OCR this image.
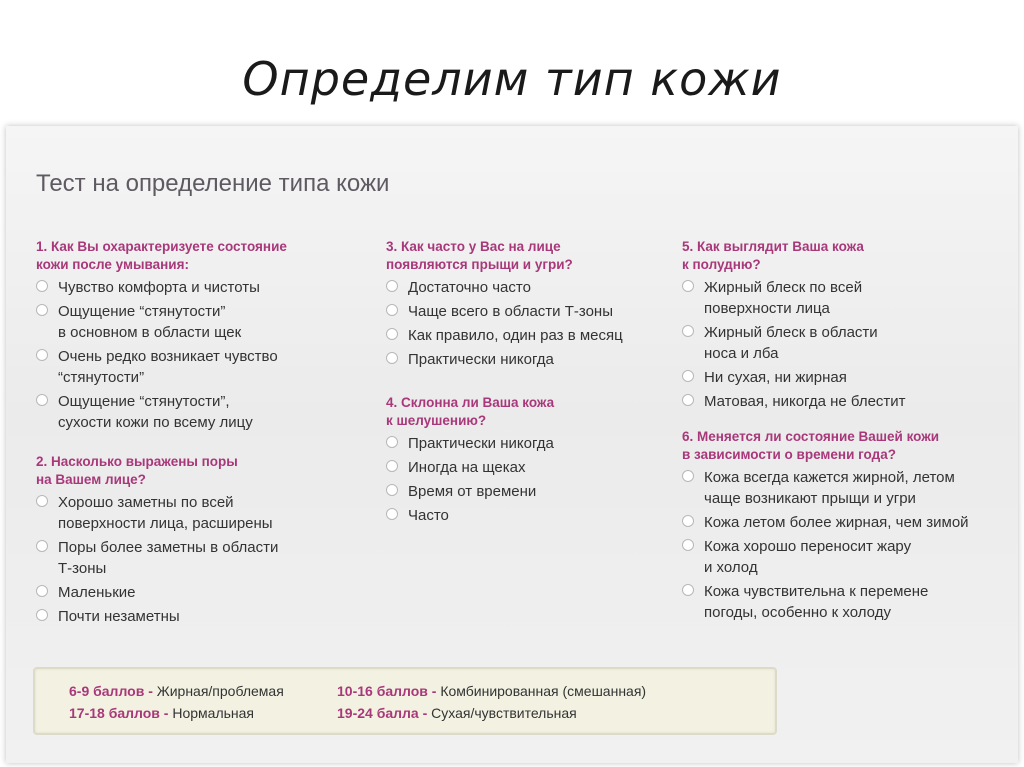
Определим тип кожи
Тест на определение типа кожи
1. Как Вы охарактеризуете состояние
кожи после умывания:
Чувство комфорта и чистоты
Ощущение “стянутости”
в основном в области щек
Очень редко возникает чувство
“стянутости”
Ощущение “стянутости”,
сухости кожи по всему лицу
2. Насколько выражены поры
на Вашем лице?
Хорошо заметны по всей
поверхности лица, расширены
Поры более заметны в области
Т-зоны
Маленькие
Почти незаметны
3. Как часто у Вас на лице
появляются прыщи и угри?
Достаточно часто
Чаще всего в области Т-зоны
Как правило, один раз в месяц
Практически никогда
4. Склонна ли Ваша кожа
к шелушению?
Практически никогда
Иногда на щеках
Время от времени
Часто
5. Как выглядит Ваша кожа
к полудню?
Жирный блеск по всей
поверхности лица
Жирный блеск в области
носа и лба
Ни сухая, ни жирная
Матовая, никогда не блестит
6. Меняется ли состояние Вашей кожи
в зависимости о времени года?
Кожа всегда кажется жирной, летом
чаще возникают прыщи и угри
Кожа летом более жирная, чем зимой
Кожа хорошо переносит жару
и холод
Кожа чувствительна к перемене
погоды, особенно к холоду
6-9 баллов - Жирная/проблемая	10-16 баллов - Комбинированная (смешанная)
17-18 баллов - Нормальная	19-24 балла - Сухая/чувствительная
